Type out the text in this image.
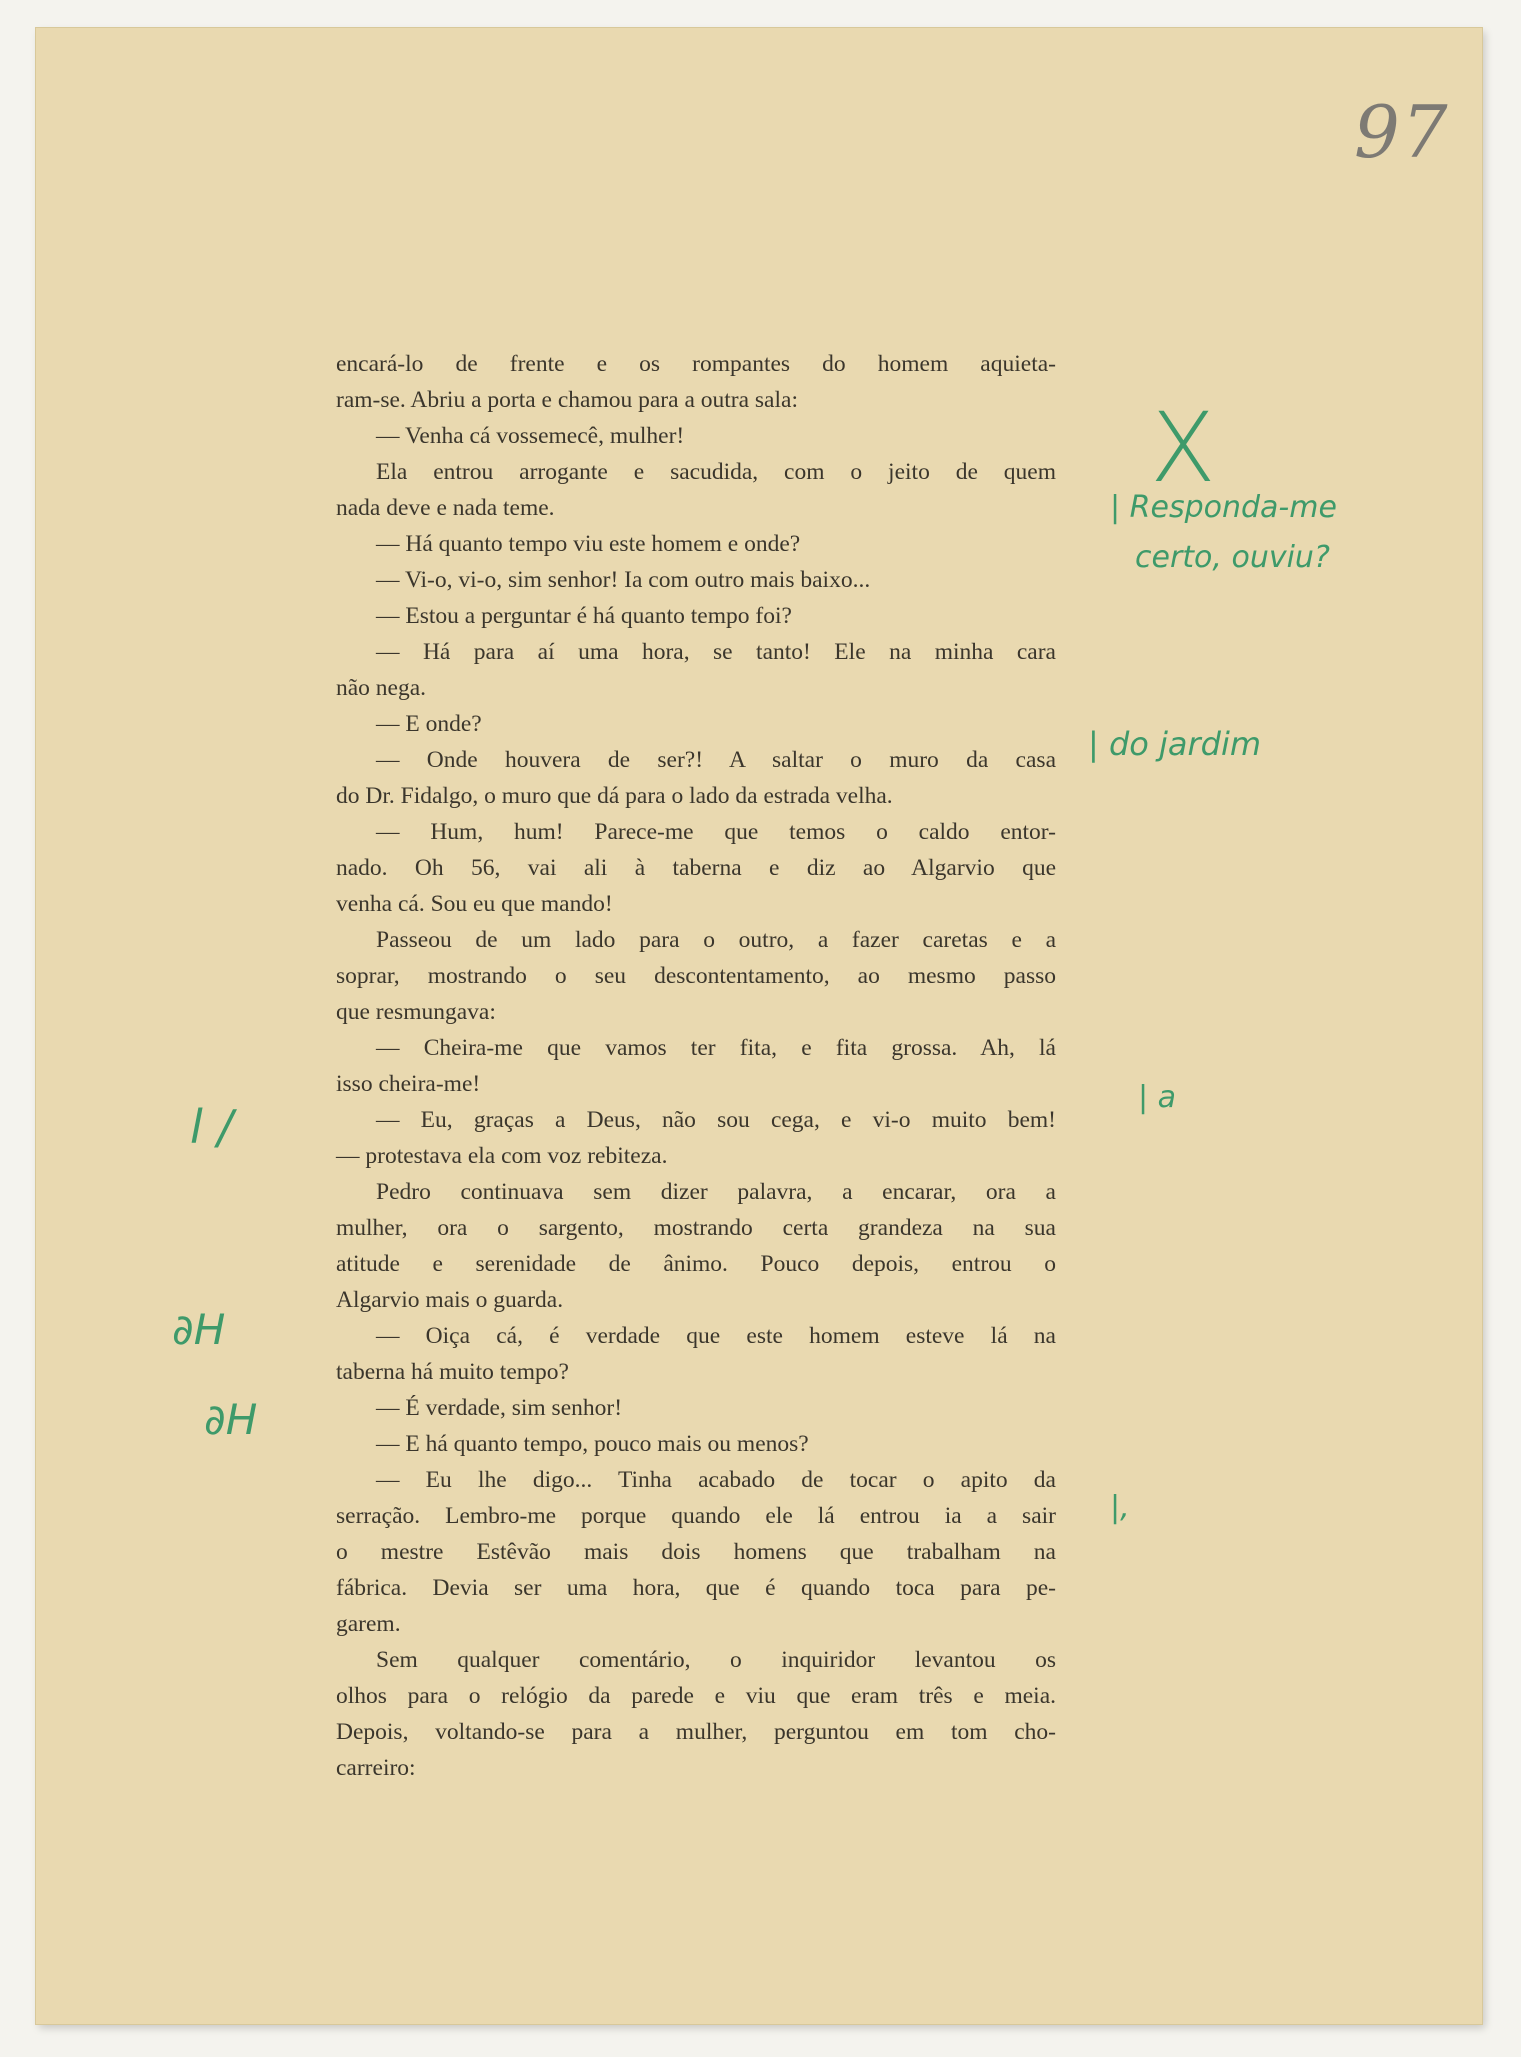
97
encará-lo de frente e os rompantes do homem aquieta-
ram-se. Abriu a porta e chamou para a outra sala:
— Venha cá vossemecê, mulher!
Ela entrou arrogante e sacudida, com o jeito de quem
nada deve e nada teme.
— Há quanto tempo viu este homem e onde?
— Vi-o, vi-o, sim senhor! Ia com outro mais baixo...
— Estou a perguntar é há quanto tempo foi?
— Há para aí uma hora, se tanto! Ele na minha cara
não nega.
— E onde?
— Onde houvera de ser?! A saltar o muro da casa
do Dr. Fidalgo, o muro que dá para o lado da estrada velha.
— Hum, hum! Parece-me que temos o caldo entor-
nado. Oh 56, vai ali à taberna e diz ao Algarvio que
venha cá. Sou eu que mando!
Passeou de um lado para o outro, a fazer caretas e a
soprar, mostrando o seu descontentamento, ao mesmo passo
que resmungava:
— Cheira-me que vamos ter fita, e fita grossa. Ah, lá
isso cheira-me!
— Eu, graças a Deus, não sou cega, e vi-o muito bem!
— protestava ela com voz rebiteza.
Pedro continuava sem dizer palavra, a encarar, ora a
mulher, ora o sargento, mostrando certa grandeza na sua
atitude e serenidade de ânimo. Pouco depois, entrou o
Algarvio mais o guarda.
— Oiça cá, é verdade que este homem esteve lá na
taberna há muito tempo?
— É verdade, sim senhor!
— E há quanto tempo, pouco mais ou menos?
— Eu lhe digo... Tinha acabado de tocar o apito da
serração. Lembro-me porque quando ele lá entrou ia a sair
o mestre Estêvão mais dois homens que trabalham na
fábrica. Devia ser uma hora, que é quando toca para pe-
garem.
Sem qualquer comentário, o inquiridor levantou os
olhos para o relógio da parede e viu que eram três e meia.
Depois, voltando-se para a mulher, perguntou em tom cho-
carreiro:
X
| Responda-me
certo, ouviu?
| do jardim
| a
|,
l /
∂H
∂H
